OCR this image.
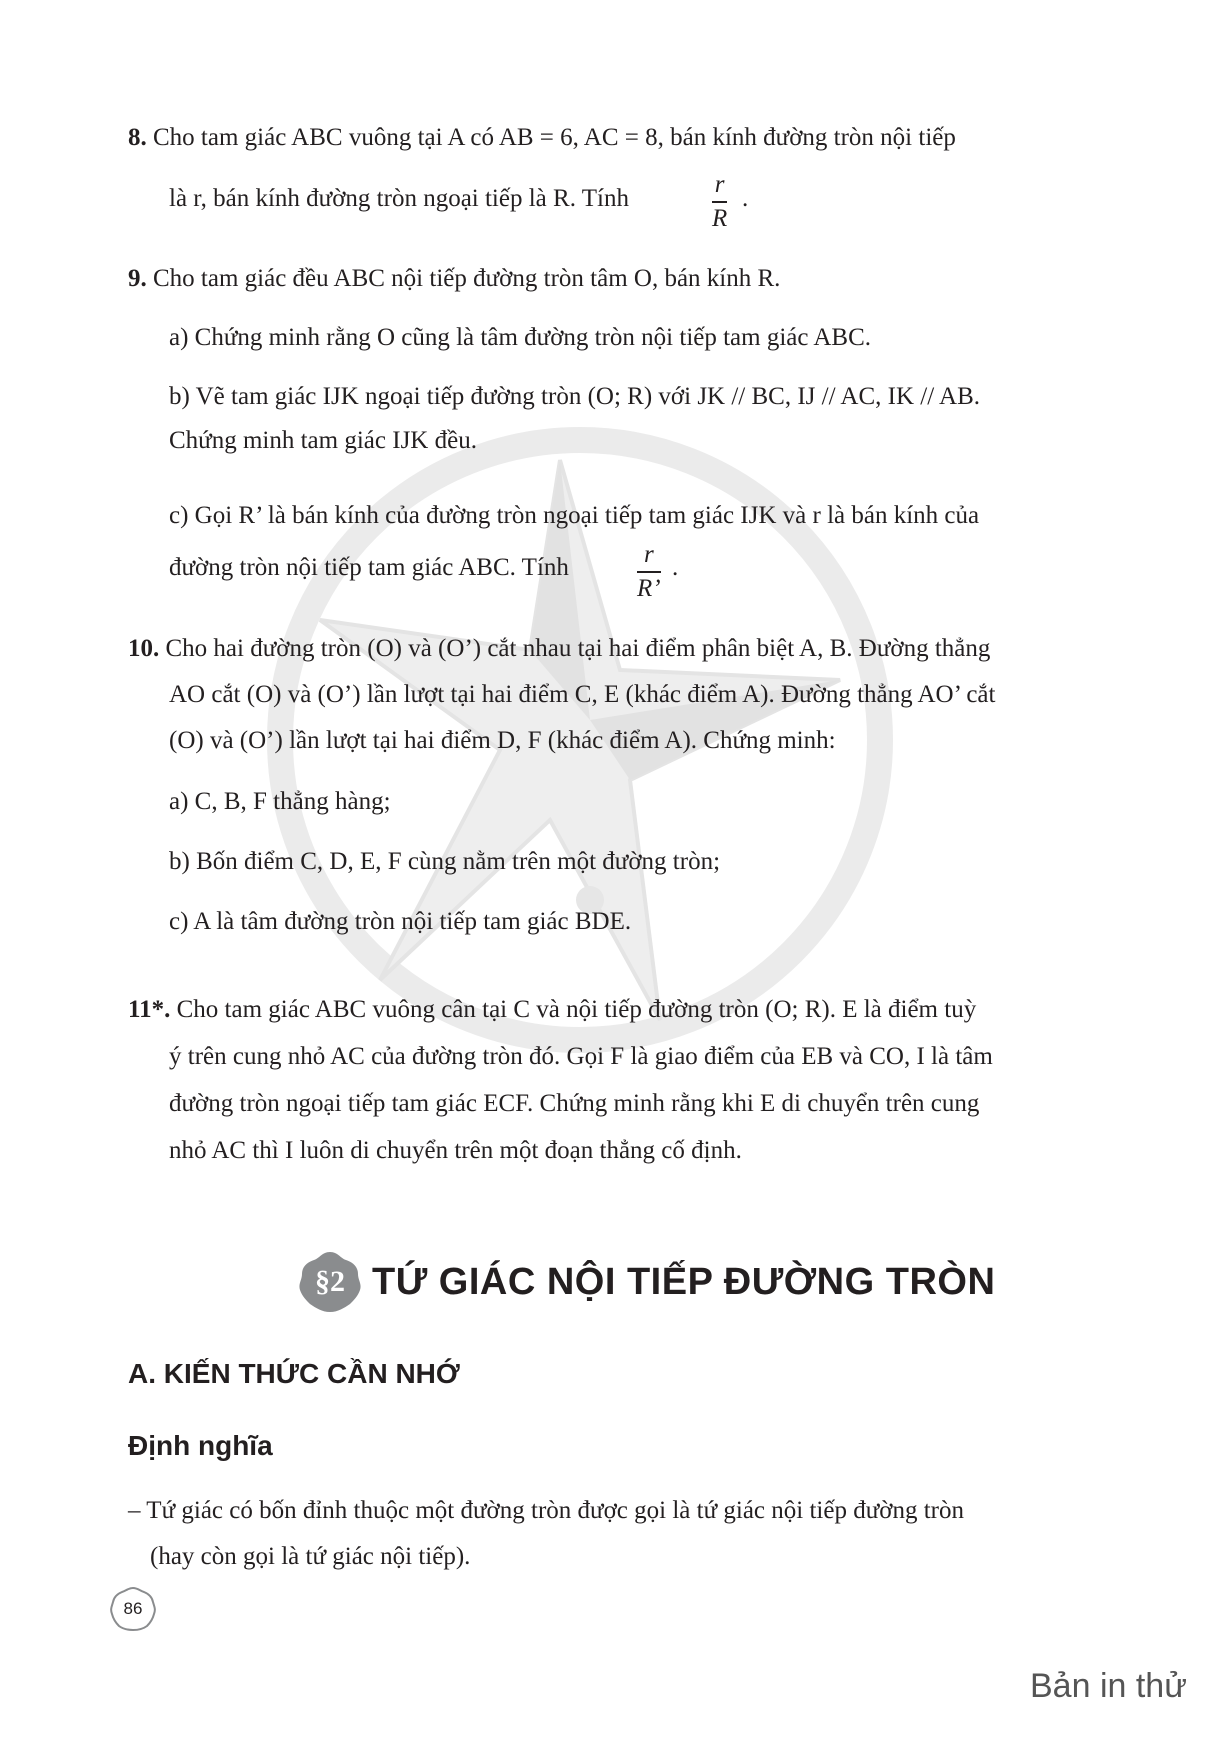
8. Cho tam giác ABC vuông tại A có AB = 6, AC = 8, bán kính đường tròn nội tiếp
là r, bán kính đường tròn ngoại tiếp là R. Tính
r
R
.
9. Cho tam giác đều ABC nội tiếp đường tròn tâm O, bán kính R.
a) Chứng minh rằng O cũng là tâm đường tròn nội tiếp tam giác ABC.
b) Vẽ tam giác IJK ngoại tiếp đường tròn (O; R) với JK // BC, IJ // AC, IK // AB.
Chứng minh tam giác IJK đều.
c) Gọi R’ là bán kính của đường tròn ngoại tiếp tam giác IJK và r là bán kính của
đường tròn nội tiếp tam giác ABC. Tính	r
R’
.
10. Cho hai đường tròn (O) và (O’) cắt nhau tại hai điểm phân biệt A, B. Đường thẳng
AO cắt (O) và (O’) lần lượt tại hai điểm C, E (khác điểm A). Đường thẳng AO’ cắt
(O) và (O’) lần lượt tại hai điểm D, F (khác điểm A). Chứng minh:
a) C, B, F thẳng hàng;
b) Bốn điểm C, D, E, F cùng nằm trên một đường tròn;
c) A là tâm đường tròn nội tiếp tam giác BDE.
11*. Cho tam giác ABC vuông cân tại C và nội tiếp đường tròn (O; R). E là điểm tuỳ
ý trên cung nhỏ AC của đường tròn đó. Gọi F là giao điểm của EB và CO, I là tâm
đường tròn ngoại tiếp tam giác ECF. Chứng minh rằng khi E di chuyển trên cung
nhỏ AC thì I luôn di chuyển trên một đoạn thẳng cố định.
§2 TỨ GIÁC NỘI TIẾP ĐƯỜNG TRÒN
A. KIẾN THỨC CẦN NHỚ
Định nghĩa
– Tứ giác có bốn đỉnh thuộc một đường tròn được gọi là tứ giác nội tiếp đường tròn
(hay còn gọi là tứ giác nội tiếp).
86
Bản in thử
